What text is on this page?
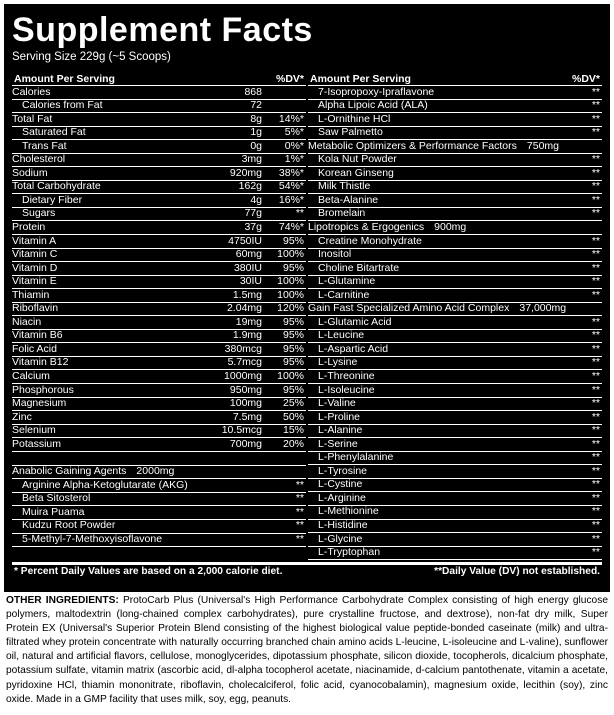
Supplement Facts
Serving Size 229g (~5 Scoops)
Amount Per Serving	%DV*
Calories	868
Calories from Fat	72
Total Fat	8g	14%*
Saturated Fat	1g	5%*
Trans Fat	0g	0%*
Cholesterol	3mg	1%*
Sodium	920mg	38%*
Total Carbohydrate	162g	54%*
Dietary Fiber	4g	16%*
Sugars	77g	**
Protein	37g	74%*
Vitamin A	4750IU	95%
Vitamin C	60mg	100%
Vitamin D	380IU	95%
Vitamin E	30IU	100%
Thiamin	1.5mg	100%
Riboflavin	2.04mg	120%
Niacin	19mg	95%
Vitamin B6	1.9mg	95%
Folic Acid	380mcg	95%
Vitamin B12	5.7mcg	95%
Calcium	1000mg	100%
Phosphorous	950mg	95%
Magnesium	100mg	25%
Zinc	7.5mg	50%
Selenium	10.5mcg	15%
Potassium	700mg	20%
Anabolic Gaining Agents 2000mg
Arginine Alpha-Ketoglutarate (AKG)	**
Beta Sitosterol	**
Muira Puama	**
Kudzu Root Powder	**
5-Methyl-7-Methoxyisoflavone	**
Amount Per Serving	%DV*
7-Isopropoxy-Ipraflavone	**
Alpha Lipoic Acid (ALA)	**
L-Ornithine HCl	**
Saw Palmetto	**
Metabolic Optimizers & Performance Factors 750mg
Kola Nut Powder	**
Korean Ginseng	**
Milk Thistle	**
Beta-Alanine	**
Bromelain	**
Lipotropics & Ergogenics 900mg
Creatine Monohydrate	**
Inositol	**
Choline Bitartrate	**
L-Glutamine	**
L-Carnitine	**
Gain Fast Specialized Amino Acid Complex 37,000mg
L-Glutamic Acid	**
L-Leucine	**
L-Aspartic Acid	**
L-Lysine	**
L-Threonine	**
L-Isoleucine	**
L-Valine	**
L-Proline	**
L-Alanine	**
L-Serine	**
L-Phenylalanine	**
L-Tyrosine	**
L-Cystine	**
L-Arginine	**
L-Methionine	**
L-Histidine	**
L-Glycine	**
L-Tryptophan	**
* Percent Daily Values are based on a 2,000 calorie diet.	**Daily Value (DV) not established.
OTHER INGREDIENTS: ProtoCarb Plus (Universal's High Performance Carbohydrate Complex consisting of high energy glucose polymers, maltodextrin (long-chained complex carbohydrates), pure crystalline fructose, and dextrose), non-fat dry milk, Super Protein EX (Universal's Superior Protein Blend consisting of the highest biological value peptide-bonded caseinate (milk) and ultra-filtrated whey protein concentrate with naturally occurring branched chain amino acids L-leucine, L-isoleucine and L-valine), sunflower oil, natural and artificial flavors, cellulose, monoglycerides, dipotassium phosphate, silicon dioxide, tocopherols, dicalcium phosphate, potassium sulfate, vitamin matrix (ascorbic acid, dl-alpha tocopherol acetate, niacinamide, d-calcium pantothenate, vitamin a acetate, pyridoxine HCl, thiamin mononitrate, riboflavin, cholecalciferol, folic acid, cyanocobalamin), magnesium oxide, lecithin (soy), zinc oxide. Made in a GMP facility that uses milk, soy, egg, peanuts.
